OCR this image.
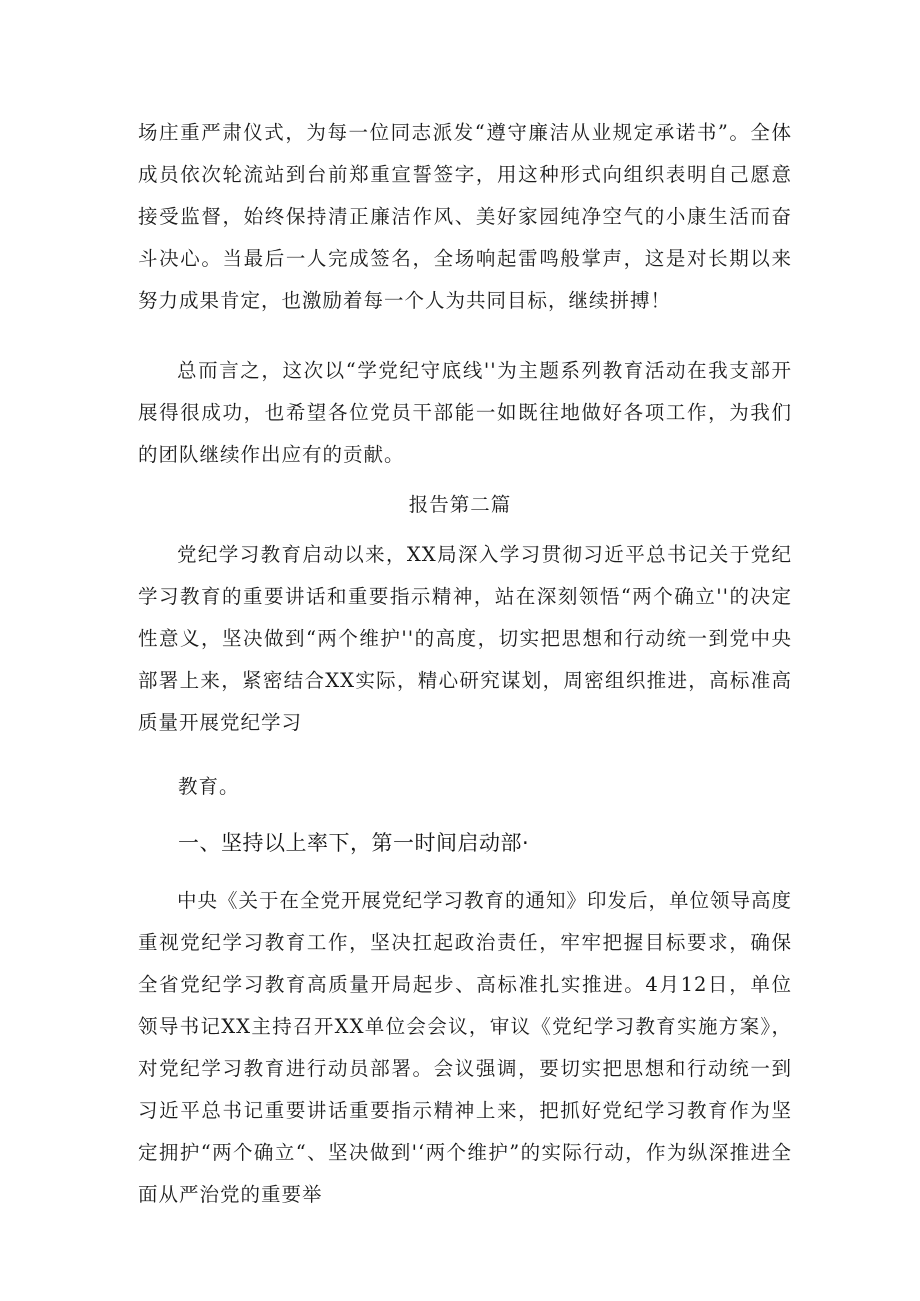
场庄重严肃仪式，为每一位同志派发“遵守廉洁从业规定承诺书”。全体成员依次轮流站到台前郑重宣誓签字，用这种形式向组织表明自己愿意接受监督，始终保持清正廉洁作风、美好家园纯净空气的小康生活而奋斗决心。当最后一人完成签名，全场响起雷鸣般掌声，这是对长期以来努力成果肯定，也激励着每一个人为共同目标，继续拼搏！
总而言之，这次以“学党纪守底线''为主题系列教育活动在我支部开展得很成功，也希望各位党员干部能一如既往地做好各项工作，为我们的团队继续作出应有的贡献。
报告第二篇
党纪学习教育启动以来，XX局深入学习贯彻习近平总书记关于党纪学习教育的重要讲话和重要指示精神，站在深刻领悟“两个确立''的决定性意义，坚决做到“两个维护''的高度，切实把思想和行动统一到党中央部署上来，紧密结合XX实际，精心研究谋划，周密组织推进，高标准高质量开展党纪学习
教育。
一、坚持以上率下，第一时间启动部·
中央《关于在全党开展党纪学习教育的通知》印发后，单位领导高度重视党纪学习教育工作，坚决扛起政治责任，牢牢把握目标要求，确保全省党纪学习教育高质量开局起步、高标准扎实推进。4月12日，单位领导书记XX主持召开XX单位会会议，审议《党纪学习教育实施方案》，对党纪学习教育进行动员部署。会议强调，要切实把思想和行动统一到习近平总书记重要讲话重要指示精神上来，把抓好党纪学习教育作为坚定拥护“两个确立“、坚决做到'‘两个维护”的实际行动，作为纵深推进全面从严治党的重要举
